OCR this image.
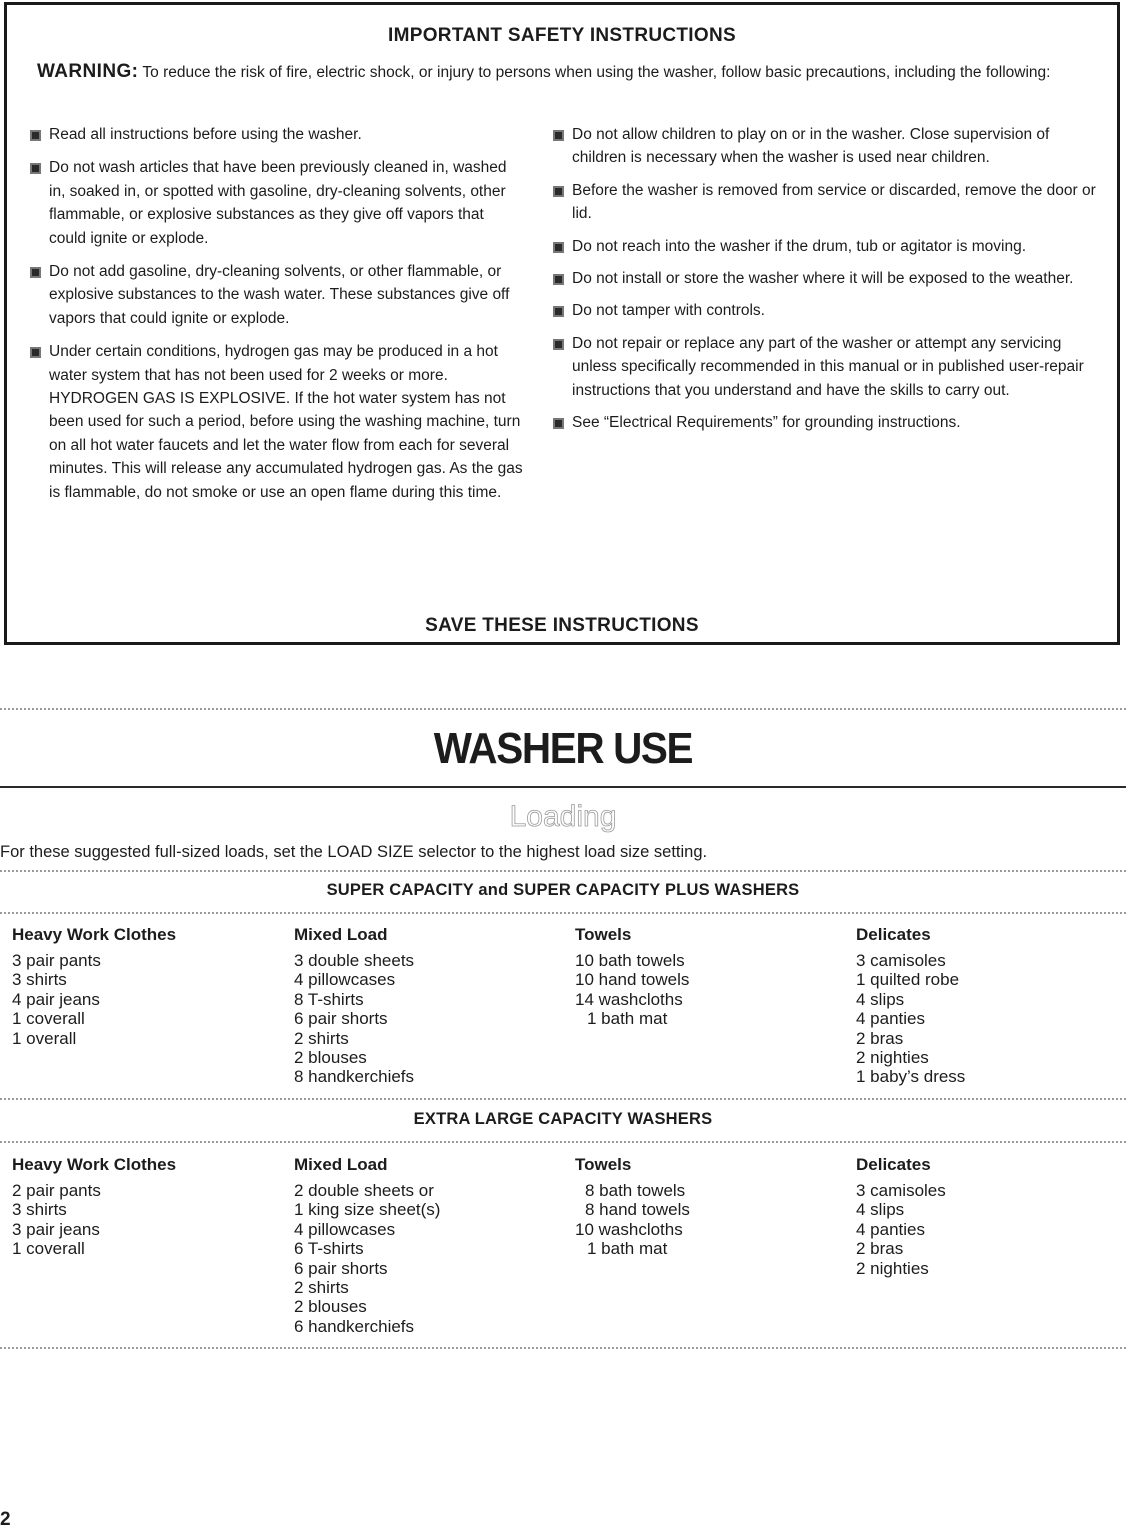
IMPORTANT SAFETY INSTRUCTIONS
WARNING: To reduce the risk of fire, electric shock, or injury to persons when using the washer, follow basic precautions, including the following:
Read all instructions before using the washer.
Do not wash articles that have been previously cleaned in, washed in, soaked in, or spotted with gasoline, dry-cleaning solvents, other flammable, or explosive substances as they give off vapors that could ignite or explode.
Do not add gasoline, dry-cleaning solvents, or other flammable, or explosive substances to the wash water. These substances give off vapors that could ignite or explode.
Under certain conditions, hydrogen gas may be produced in a hot water system that has not been used for 2 weeks or more. HYDROGEN GAS IS EXPLOSIVE. If the hot water system has not been used for such a period, before using the washing machine, turn on all hot water faucets and let the water flow from each for several minutes. This will release any accumulated hydrogen gas. As the gas is flammable, do not smoke or use an open flame during this time.
Do not allow children to play on or in the washer. Close supervision of children is necessary when the washer is used near children.
Before the washer is removed from service or discarded, remove the door or lid.
Do not reach into the washer if the drum, tub or agitator is moving.
Do not install or store the washer where it will be exposed to the weather.
Do not tamper with controls.
Do not repair or replace any part of the washer or attempt any servicing unless specifically recommended in this manual or in published user-repair instructions that you understand and have the skills to carry out.
See “Electrical Requirements” for grounding instructions.
SAVE THESE INSTRUCTIONS
WASHER USE
Loading
For these suggested full-sized loads, set the LOAD SIZE selector to the highest load size setting.
SUPER CAPACITY and SUPER CAPACITY PLUS WASHERS
Heavy Work Clothes
3 pair pants
3 shirts
4 pair jeans
1 coverall
1 overall
Mixed Load
3 double sheets
4 pillowcases
8 T-shirts
6 pair shorts
2 shirts
2 blouses
8 handkerchiefs
Towels
10 bath towels
10 hand towels
14 washcloths
1 bath mat
Delicates
3 camisoles
1 quilted robe
4 slips
4 panties
2 bras
2 nighties
1 baby’s dress
EXTRA LARGE CAPACITY WASHERS
Heavy Work Clothes
2 pair pants
3 shirts
3 pair jeans
1 coverall
Mixed Load
2 double sheets or
1 king size sheet(s)
4 pillowcases
6 T-shirts
6 pair shorts
2 shirts
2 blouses
6 handkerchiefs
Towels
8 bath towels
8 hand towels
10 washcloths
1 bath mat
Delicates
3 camisoles
4 slips
4 panties
2 bras
2 nighties
2
